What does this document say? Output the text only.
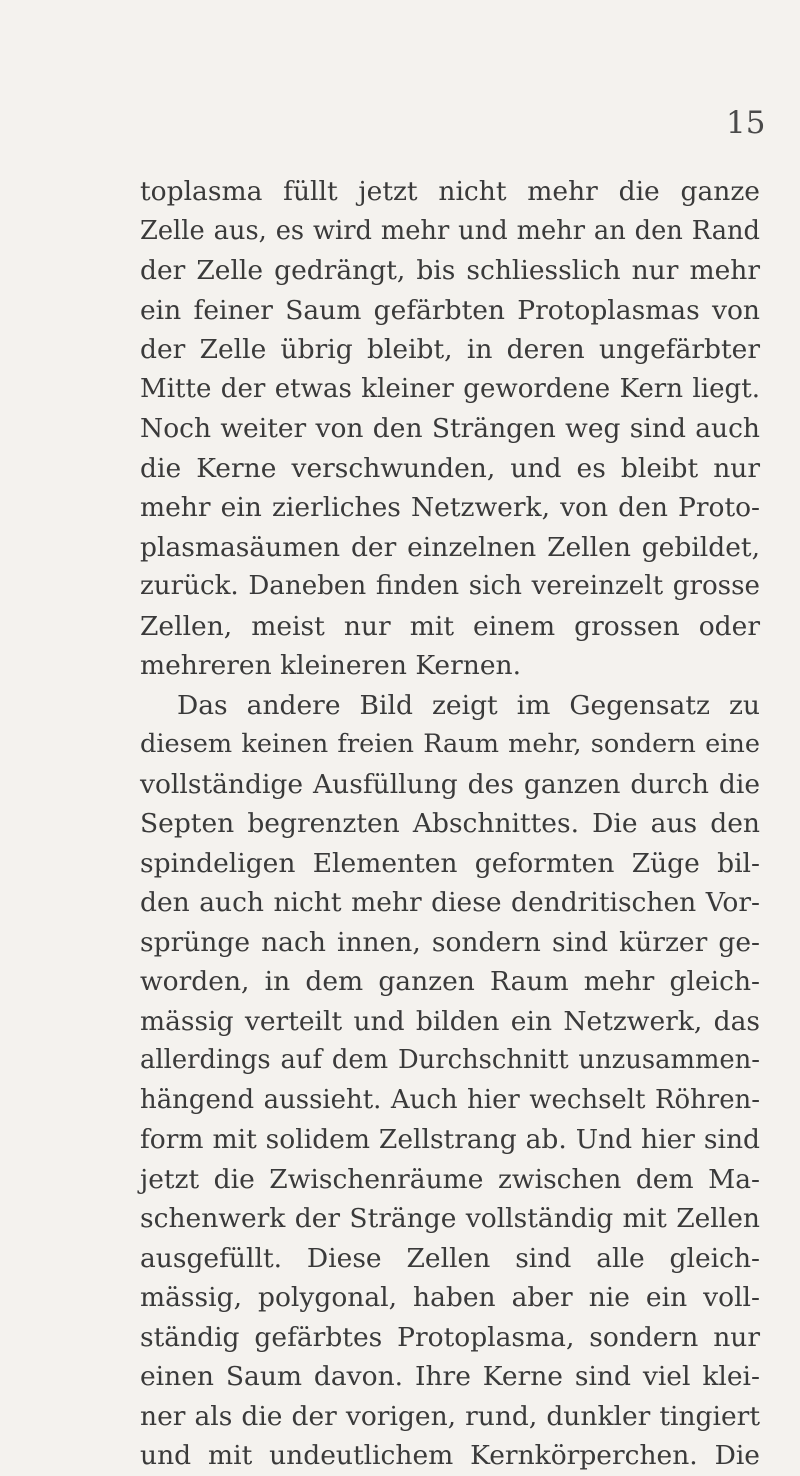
15
toplasma füllt jetzt nicht mehr die ganze
Zelle aus, es wird mehr und mehr an den Rand
der Zelle gedrängt, bis schliesslich nur mehr
ein feiner Saum gefärbten Protoplasmas von
der Zelle übrig bleibt, in deren ungefärbter
Mitte der etwas kleiner gewordene Kern liegt.
Noch weiter von den Strängen weg sind auch
die Kerne verschwunden, und es bleibt nur
mehr ein zierliches Netzwerk, von den Proto-
plasmasäumen der einzelnen Zellen gebildet,
zurück. Daneben finden sich vereinzelt grosse
Zellen, meist nur mit einem grossen oder
mehreren kleineren Kernen.
Das andere Bild zeigt im Gegensatz zu
diesem keinen freien Raum mehr, sondern eine
vollständige Ausfüllung des ganzen durch die
Septen begrenzten Abschnittes. Die aus den
spindeligen Elementen geformten Züge bil-
den auch nicht mehr diese dendritischen Vor-
sprünge nach innen, sondern sind kürzer ge-
worden, in dem ganzen Raum mehr gleich-
mässig verteilt und bilden ein Netzwerk, das
allerdings auf dem Durchschnitt unzusammen-
hängend aussieht. Auch hier wechselt Röhren-
form mit solidem Zellstrang ab. Und hier sind
jetzt die Zwischenräume zwischen dem Ma-
schenwerk der Stränge vollständig mit Zellen
ausgefüllt. Diese Zellen sind alle gleich-
mässig, polygonal, haben aber nie ein voll-
ständig gefärbtes Protoplasma, sondern nur
einen Saum davon. Ihre Kerne sind viel klei-
ner als die der vorigen, rund, dunkler tingiert
und mit undeutlichem Kernkörperchen. Die
